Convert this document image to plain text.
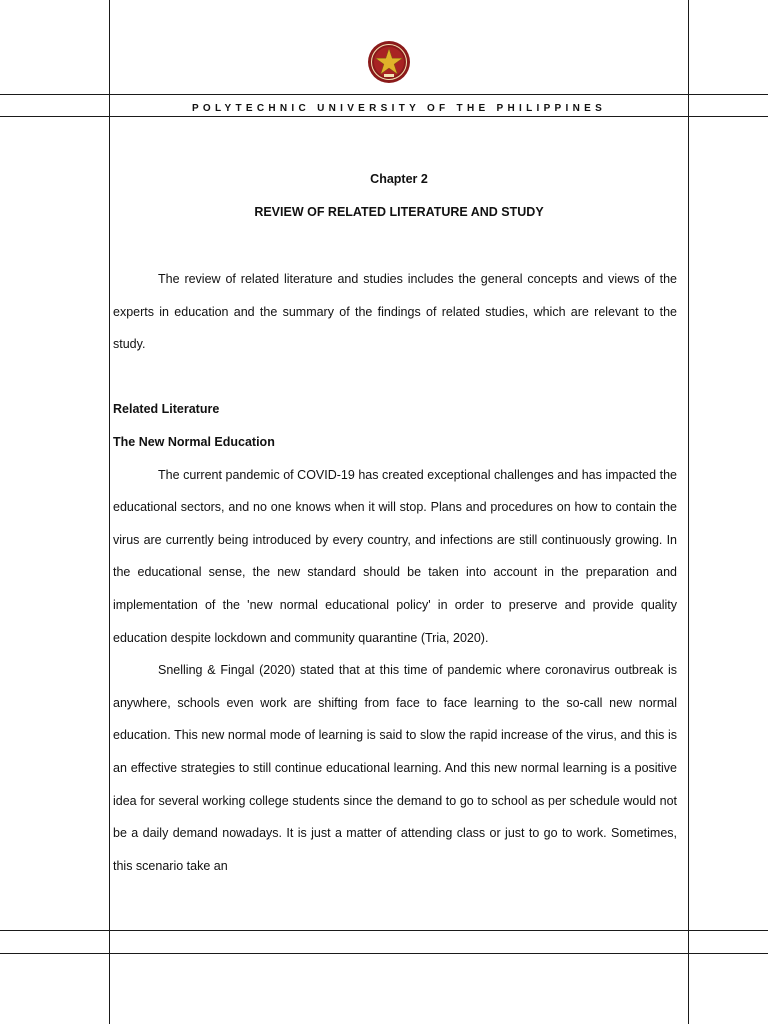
POLYTECHNIC UNIVERSITY OF THE PHILIPPINES
Chapter 2
REVIEW OF RELATED LITERATURE AND STUDY

The review of related literature and studies includes the general concepts and views of the experts in education and the summary of the findings of related studies, which are relevant to the study.

Related Literature

The New Normal Education

The current pandemic of COVID-19 has created exceptional challenges and has impacted the educational sectors, and no one knows when it will stop. Plans and procedures on how to contain the virus are currently being introduced by every country, and infections are still continuously growing. In the educational sense, the new standard should be taken into account in the preparation and implementation of the 'new normal educational policy' in order to preserve and provide quality education despite lockdown and community quarantine (Tria, 2020).

Snelling & Fingal (2020) stated that at this time of pandemic where coronavirus outbreak is anywhere, schools even work are shifting from face to face learning to the so-call new normal education. This new normal mode of learning is said to slow the rapid increase of the virus, and this is an effective strategies to still continue educational learning. And this new normal learning is a positive idea for several working college students since the demand to go to school as per schedule would not be a daily demand nowadays. It is just a matter of attending class or just to go to work. Sometimes, this scenario take an
